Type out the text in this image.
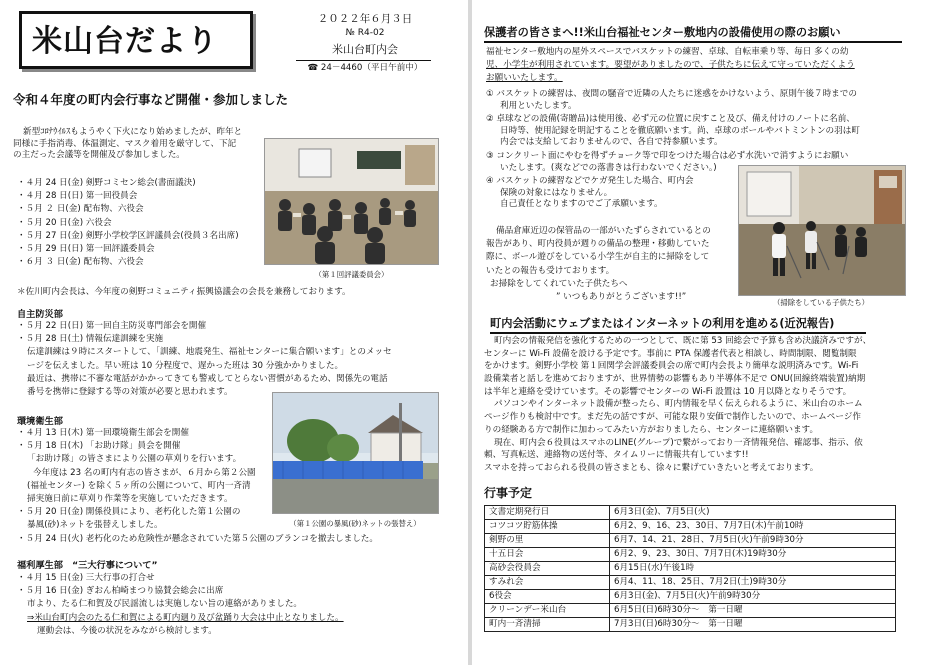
米山台だより
２０２２年６月３日
№ R4-02
米山台町内会
☎ 24－4460（平日午前中）
令和４年度の町内会行事など開催・参加しました
新型ｺﾛﾅｳｲﾙｽもようやく下火になり始めましたが、昨年と
同様に手指消毒、体温測定、マスク着用を厳守して、下記
の主だった会議等を開催及び参加しました。
・４月 24 日(金) 剣野コミセン総会(書面議決)
・４月 28 日(日) 第一回役員会
・５月 ２ 日(金) 配布物、六役会
・５月 20 日(金) 六役会
・５月 27 日(金) 剣野小学校学区評議員会(役員３名出席)
・５月 29 日(日) 第一回評議委員会
・６月 ３ 日(金) 配布物、六役会
（第１回評議委員会）
＊佐川町内会長は、今年度の剣野コミュニティ振興協議会の会長を兼務しております。
自主防災部
・５月 22 日(日) 第一回自主防災専門部会を開催
・５月 28 日(土) 情報伝達訓練を実施
伝達訓練は９時にスタートして、「訓練、地震発生、福祉センターに集合願います」とのメッセ
ージを伝えました。早い班は 10 分程度で、遅かった班は 30 分強かかりました。
最近は、携帯に不審な電話がかかってきても警戒してとらない習慣があるため、関係先の電話
番号を携帯に登録する等の対策が必要と思われます。
環境衛生部
・４月 13 日(木) 第一回環境衛生部会を開催
・５月 18 日(木) 「お助け隊」員会を開催
「お助け隊」の皆さまにより公園の草刈りを行います。
今年度は 23 名の町内有志の皆さまが、６月から第２公園
(福祉センター) を除く５ヶ所の公園について、町内一斉清
掃実施日前に草刈り作業等を実施していただきます。
・５月 20 日(金) 開係役員により、老朽化した第１公園の
暴風(砂)ネットを張替えしました。
・５月 24 日(火) 老朽化のため危険性が懸念されていた第５公園のブランコを撤去しました。
（第１公園の暴風(砂)ネットの張替え）
福利厚生部　“三大行事について”
・４月 15 日(金) 三大行事の打合せ
・５月 16 日(金) ぎおん柏崎まつり協賛会総会に出席
市より、たる仁和賀及び民謡流しは実施しない旨の連絡がありました。
⇒米山台町内会のたる仁和賀による町内廻り及び盆踊り大会は中止となりました。
運動会は、今後の状況をみながら検討します。
保護者の皆さまへ!!米山台福祉センター敷地内の設備使用の際のお願い
福祉センター敷地内の屋外スペースでバスケットの練習、卓球、自転車乗り等、毎日 多くの幼
児、小学生が利用されています。要望がありましたので、子供たちに伝えて守っていただくよう
お願いいたします。
① バスケットの練習は、夜間の騒音で近隣の人たちに迷惑をかけないよう、原則午後７時までの
利用といたします。
② 卓球などの設備(寄贈品)は使用後、必ず元の位置に戻すこと及び、備え付けのノートに名前、
日時等、使用記録を明記することを徹底願います。尚、卓球のボールやバトミントンの羽は町
内会では支給しておりませんので、各自で持参願います。
③ コンクリート面にやむを得ずチョーク等で印をつけた場合は必ず水洗いで消すようにお願い
いたします。(爽などでの落書きは行わないでください。)
④ バスケットの練習などでケガ発生した場合、町内会
保険の対象にはなりません。
自己責任となりますのでご了承願います。
（掃除をしている子供たち）
備品倉庫近辺の保管品の一部がいたずらされているとの
報告があり、町内役員が週りの備品の整理・移動していた
際に、ボール遊びをしている小学生が自主的に掃除をして
いたとの報告も受けております。
お掃除をしてくれていた子供たちへ
” いつもありがとうございます!!”
町内会活動にウェブまたはインターネットの利用を進める(近況報告)
町内会の情報発信を強化するための一つとして、既に第 53 回総会で予算も含め決議済みですが、
センターに Wi-Fi 設備を設ける予定です。事前に PTA 保護者代表と相談し、時間制限、閲覧制限
をかけます。剣野小学校 第１回関学会評議委員会の席で町内会長より簡単な説明済みです。Wi-Fi
設備業者と話しを進めておりますが、世界情勢の影響もあり半導体不足で ONU(回線終端装置)納期
は半年と連絡を受けています。その影響でセンターの Wi-Fi 設置は 10 月以降となりそうです。
パソコンやインターネット設備が整ったら、町内情報を早く伝えられるように、米山台のホーム
ページ作りも検討中です。まだ先の話ですが、可能な限り安価で制作したいので、ホームページ作
りの経験ある方で制作に加わってみたい方がおりましたら、センターに連絡願います。
現在、町内会６役員はスマホのLINE(グループ)で繋がっており一斉情報発信、確認事、指示、依
頼、写真転送、連絡物の送付等、タイムリーに情報共有しています!!
スマホを持っておられる役員の皆さまとも、徐々に繋げていきたいと考えております。
行事予定
文書定期発行日	6月3日(金)、7月5日(火)
コツコツ貯筋体操	6月2、9、16、23、30日、7月7日(木)午前10時
剣野の里	6月7、14、21、28日、7月5日(火)午前9時30分
十五日会	6月2、9、23、30日、7月7日(木)19時30分
高砂会役員会	6月15日(水)午後1時
すみれ会	6月4、11、18、25日、7月2日(土)9時30分
6役会	6月3日(金)、7月5日(火)午前9時30分
クリーンデー米山台	6月5日(日)6時30分～　第一日曜
町内一斉清掃	7月3日(日)6時30分～　第一日曜
